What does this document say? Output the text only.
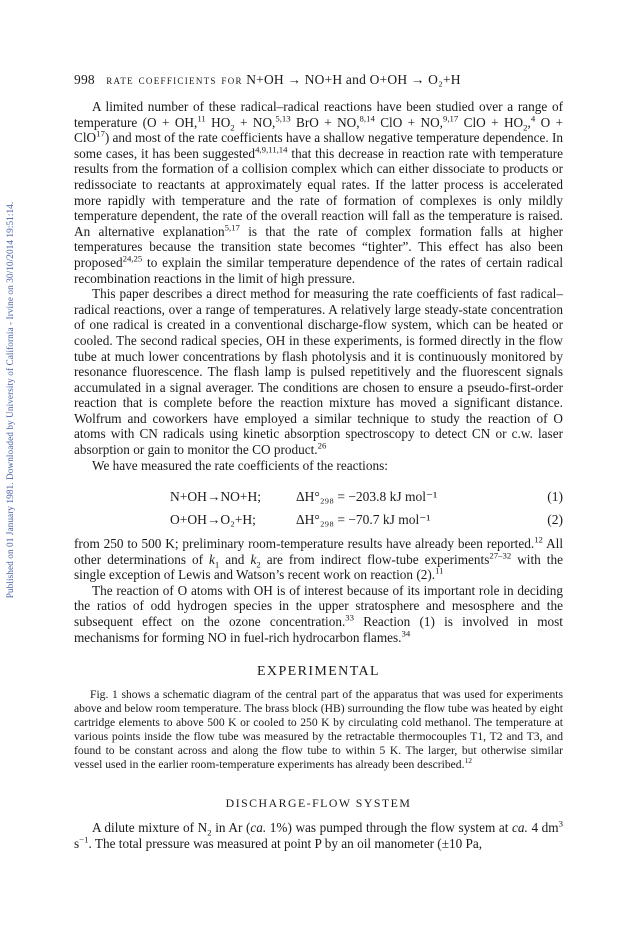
Published on 01 January 1981. Downloaded by University of California - Irvine on 30/10/2014 19:51:14.
998 rate coefficients for N+OH → NO+H and O+OH → O₂+H

A limited number of these radical–radical reactions have been studied over a range of temperature (O + OH,$^{11}$ $HO_2 + NO,^{5,13}$ BrO + NO,$^{8,14}$ ClO + NO,$^{9,17}$ ClO + $HO_2,^4$ O + ClO$^{17}$) and most of the rate coefficients have a shallow negative temperature dependence. In some cases, it has been suggested$^{4,9,11,14}$ that this decrease in reaction rate with temperature results from the formation of a collision complex which can either dissociate to products or redissociate to reactants at approximately equal rates. If the latter process is accelerated more rapidly with temperature and the rate of formation of complexes is only mildly temperature dependent, the rate of the overall reaction will fall as the temperature is raised. An alternative explanation$^{5,17}$ is that the rate of complex formation falls at higher temperatures because the transition state becomes “tighter”. This effect has also been proposed$^{24,25}$ to explain the similar temperature dependence of the rates of certain radical recombination reactions in the limit of high pressure.

This paper describes a direct method for measuring the rate coefficients of fast radical–radical reactions, over a range of temperatures. A relatively large steady-state concentration of one radical is created in a conventional discharge-flow system, which can be heated or cooled. The second radical species, OH in these experiments, is formed directly in the flow tube at much lower concentrations by flash photolysis and it is continuously monitored by resonance fluorescence. The flash lamp is pulsed repetitively and the fluorescent signals accumulated in a signal averager. The conditions are chosen to ensure a pseudo-first-order reaction that is complete before the reaction mixture has moved a significant distance. Wolfrum and coworkers have employed a similar technique to study the reaction of O atoms with CN radicals using kinetic absorption spectroscopy to detect CN or c.w. laser absorption or gain to monitor the CO product.$^{26}$

We have measured the rate coefficients of the reactions:

N+OH→NO+H;	ΔH°₂₉₈ = −203.8 kJ mol⁻¹	(1)
O+OH→O₂+H;	ΔH°₂₉₈ = −70.7 kJ mol⁻¹	(2)

from 250 to 500 K; preliminary room-temperature results have already been reported.$^{12}$ All other determinations of $k_1$ and $k_2$ are from indirect flow-tube experiments$^{27-32}$ with the single exception of Lewis and Watson’s recent work on reaction (2).$^{11}$

The reaction of O atoms with OH is of interest because of its important role in deciding the ratios of odd hydrogen species in the upper stratosphere and mesosphere and the subsequent effect on the ozone concentration.$^{33}$ Reaction (1) is involved in most mechanisms for forming NO in fuel-rich hydrocarbon flames.$^{34}$

EXPERIMENTAL

Fig. 1 shows a schematic diagram of the central part of the apparatus that was used for experiments above and below room temperature. The brass block (HB) surrounding the flow tube was heated by eight cartridge elements to above 500 K or cooled to 250 K by circulating cold methanol. The temperature at various points inside the flow tube was measured by the retractable thermocouples T1, T2 and T3, and found to be constant across and along the flow tube to within 5 K. The larger, but otherwise similar vessel used in the earlier room-temperature experiments has already been described.$^{12}$

DISCHARGE-FLOW SYSTEM

A dilute mixture of $N_2$ in Ar (ca. 1%) was pumped through the flow system at ca. 4 $dm^3$ $s^{-1}$. The total pressure was measured at point P by an oil manometer (±10 Pa,
